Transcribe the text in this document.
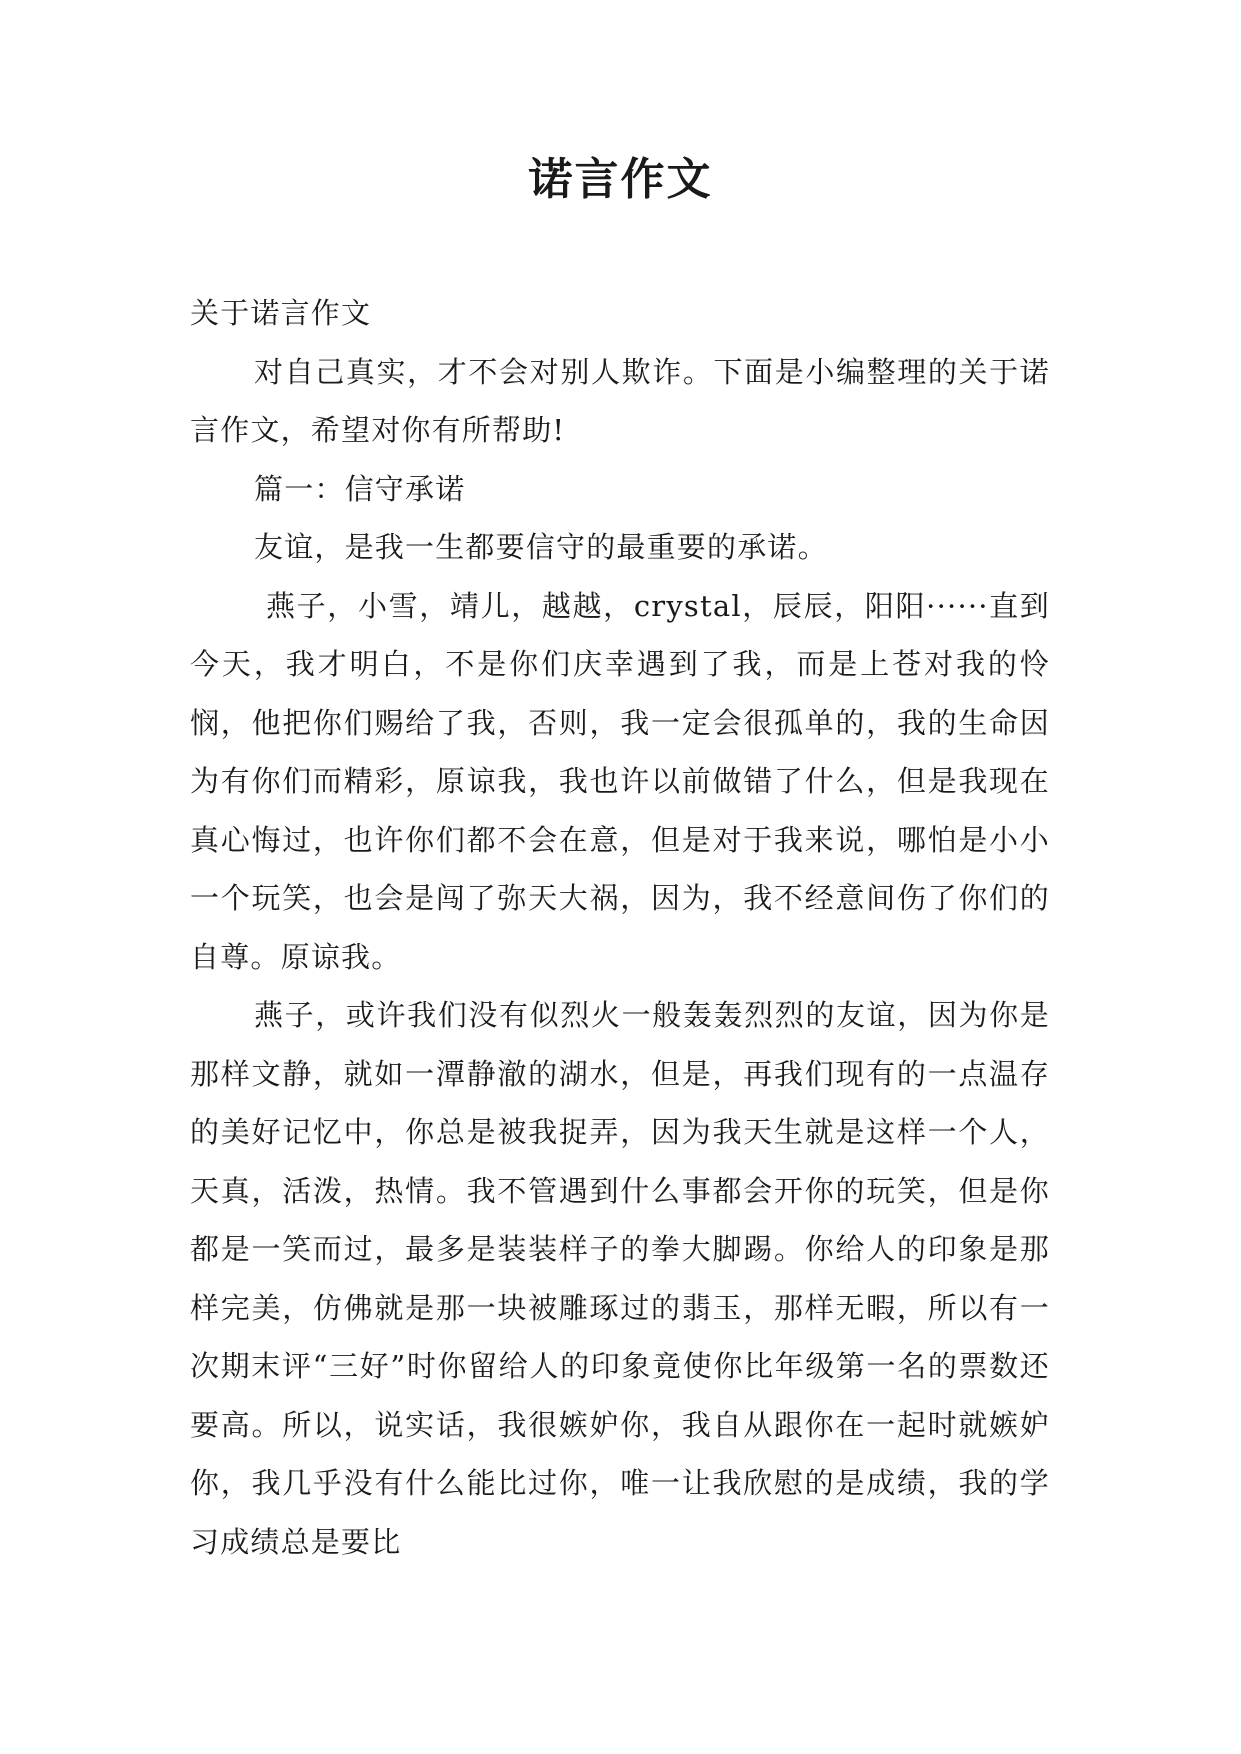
诺言作文

关于诺言作文

对自己真实，才不会对别人欺诈。下面是小编整理的关于诺言作文，希望对你有所帮助!

篇一：信守承诺

友谊，是我一生都要信守的最重要的承诺。

燕子，小雪，靖儿，越越，crystal，辰辰，阳阳······直到今天，我才明白，不是你们庆幸遇到了我，而是上苍对我的怜悯，他把你们赐给了我，否则，我一定会很孤单的，我的生命因为有你们而精彩，原谅我，我也许以前做错了什么，但是我现在真心悔过，也许你们都不会在意，但是对于我来说，哪怕是小小一个玩笑，也会是闯了弥天大祸，因为，我不经意间伤了你们的自尊。原谅我。

燕子，或许我们没有似烈火一般轰轰烈烈的友谊，因为你是那样文静，就如一潭静澈的湖水，但是，再我们现有的一点温存的美好记忆中，你总是被我捉弄，因为我天生就是这样一个人，天真，活泼，热情。我不管遇到什么事都会开你的玩笑，但是你都是一笑而过，最多是装装样子的拳大脚踢。你给人的印象是那样完美，仿佛就是那一块被雕琢过的翡玉，那样无暇，所以有一次期末评“三好”时你留给人的印象竟使你比年级第一名的票数还要高。所以，说实话，我很嫉妒你，我自从跟你在一起时就嫉妒你，我几乎没有什么能比过你，唯一让我欣慰的是成绩，我的学习成绩总是要比
